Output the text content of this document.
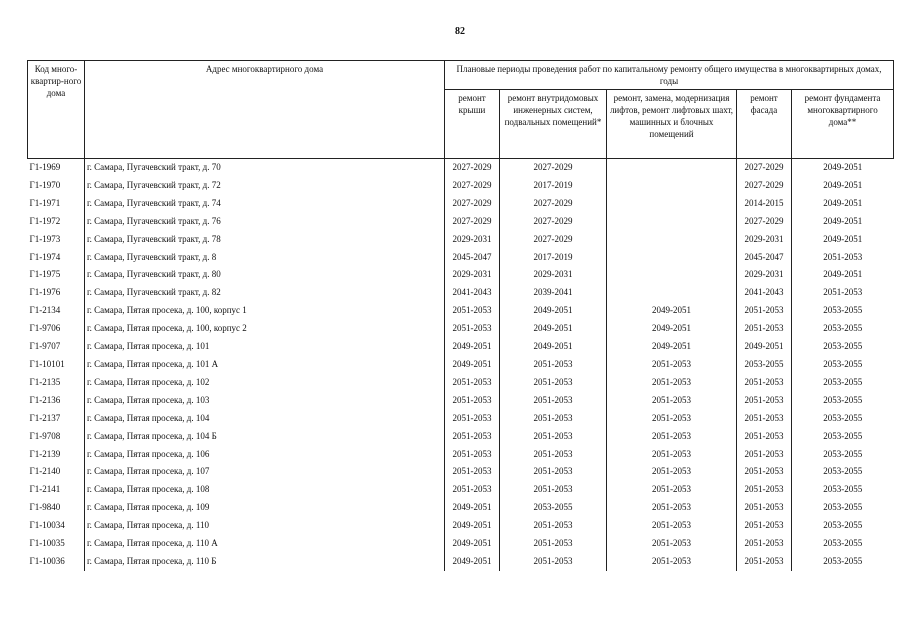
82
Код много-квартир-ного дома	Адрес многоквартирного дома	Плановые периоды проведения работ по капитальному ремонту общего имущества в многоквартирных домах, годы				
		ремонт крыши	ремонт внутридомовых инженерных систем, подвальных помещений*	ремонт, замена, модернизация лифтов, ремонт лифтовых шахт, машинных и блочных помещений	ремонт фасада	ремонт фундамента многоквартирного дома**
Г1-1969	г. Самара, Пугачевский тракт, д. 70	2027-2029	2027-2029		2027-2029	2049-2051
Г1-1970	г. Самара, Пугачевский тракт, д. 72	2027-2029	2017-2019		2027-2029	2049-2051
Г1-1971	г. Самара, Пугачевский тракт, д. 74	2027-2029	2027-2029		2014-2015	2049-2051
Г1-1972	г. Самара, Пугачевский тракт, д. 76	2027-2029	2027-2029		2027-2029	2049-2051
Г1-1973	г. Самара, Пугачевский тракт, д. 78	2029-2031	2027-2029		2029-2031	2049-2051
Г1-1974	г. Самара, Пугачевский тракт, д. 8	2045-2047	2017-2019		2045-2047	2051-2053
Г1-1975	г. Самара, Пугачевский тракт, д. 80	2029-2031	2029-2031		2029-2031	2049-2051
Г1-1976	г. Самара, Пугачевский тракт, д. 82	2041-2043	2039-2041		2041-2043	2051-2053
Г1-2134	г. Самара, Пятая просека, д. 100, корпус 1	2051-2053	2049-2051	2049-2051	2051-2053	2053-2055
Г1-9706	г. Самара, Пятая просека, д. 100, корпус 2	2051-2053	2049-2051	2049-2051	2051-2053	2053-2055
Г1-9707	г. Самара, Пятая просека, д. 101	2049-2051	2049-2051	2049-2051	2049-2051	2053-2055
Г1-10101	г. Самара, Пятая просека, д. 101 А	2049-2051	2051-2053	2051-2053	2053-2055	2053-2055
Г1-2135	г. Самара, Пятая просека, д. 102	2051-2053	2051-2053	2051-2053	2051-2053	2053-2055
Г1-2136	г. Самара, Пятая просека, д. 103	2051-2053	2051-2053	2051-2053	2051-2053	2053-2055
Г1-2137	г. Самара, Пятая просека, д. 104	2051-2053	2051-2053	2051-2053	2051-2053	2053-2055
Г1-9708	г. Самара, Пятая просека, д. 104 Б	2051-2053	2051-2053	2051-2053	2051-2053	2053-2055
Г1-2139	г. Самара, Пятая просека, д. 106	2051-2053	2051-2053	2051-2053	2051-2053	2053-2055
Г1-2140	г. Самара, Пятая просека, д. 107	2051-2053	2051-2053	2051-2053	2051-2053	2053-2055
Г1-2141	г. Самара, Пятая просека, д. 108	2051-2053	2051-2053	2051-2053	2051-2053	2053-2055
Г1-9840	г. Самара, Пятая просека, д. 109	2049-2051	2053-2055	2051-2053	2051-2053	2053-2055
Г1-10034	г. Самара, Пятая просека, д. 110	2049-2051	2051-2053	2051-2053	2051-2053	2053-2055
Г1-10035	г. Самара, Пятая просека, д. 110 А	2049-2051	2051-2053	2051-2053	2051-2053	2053-2055
Г1-10036	г. Самара, Пятая просека, д. 110 Б	2049-2051	2051-2053	2051-2053	2051-2053	2053-2055
